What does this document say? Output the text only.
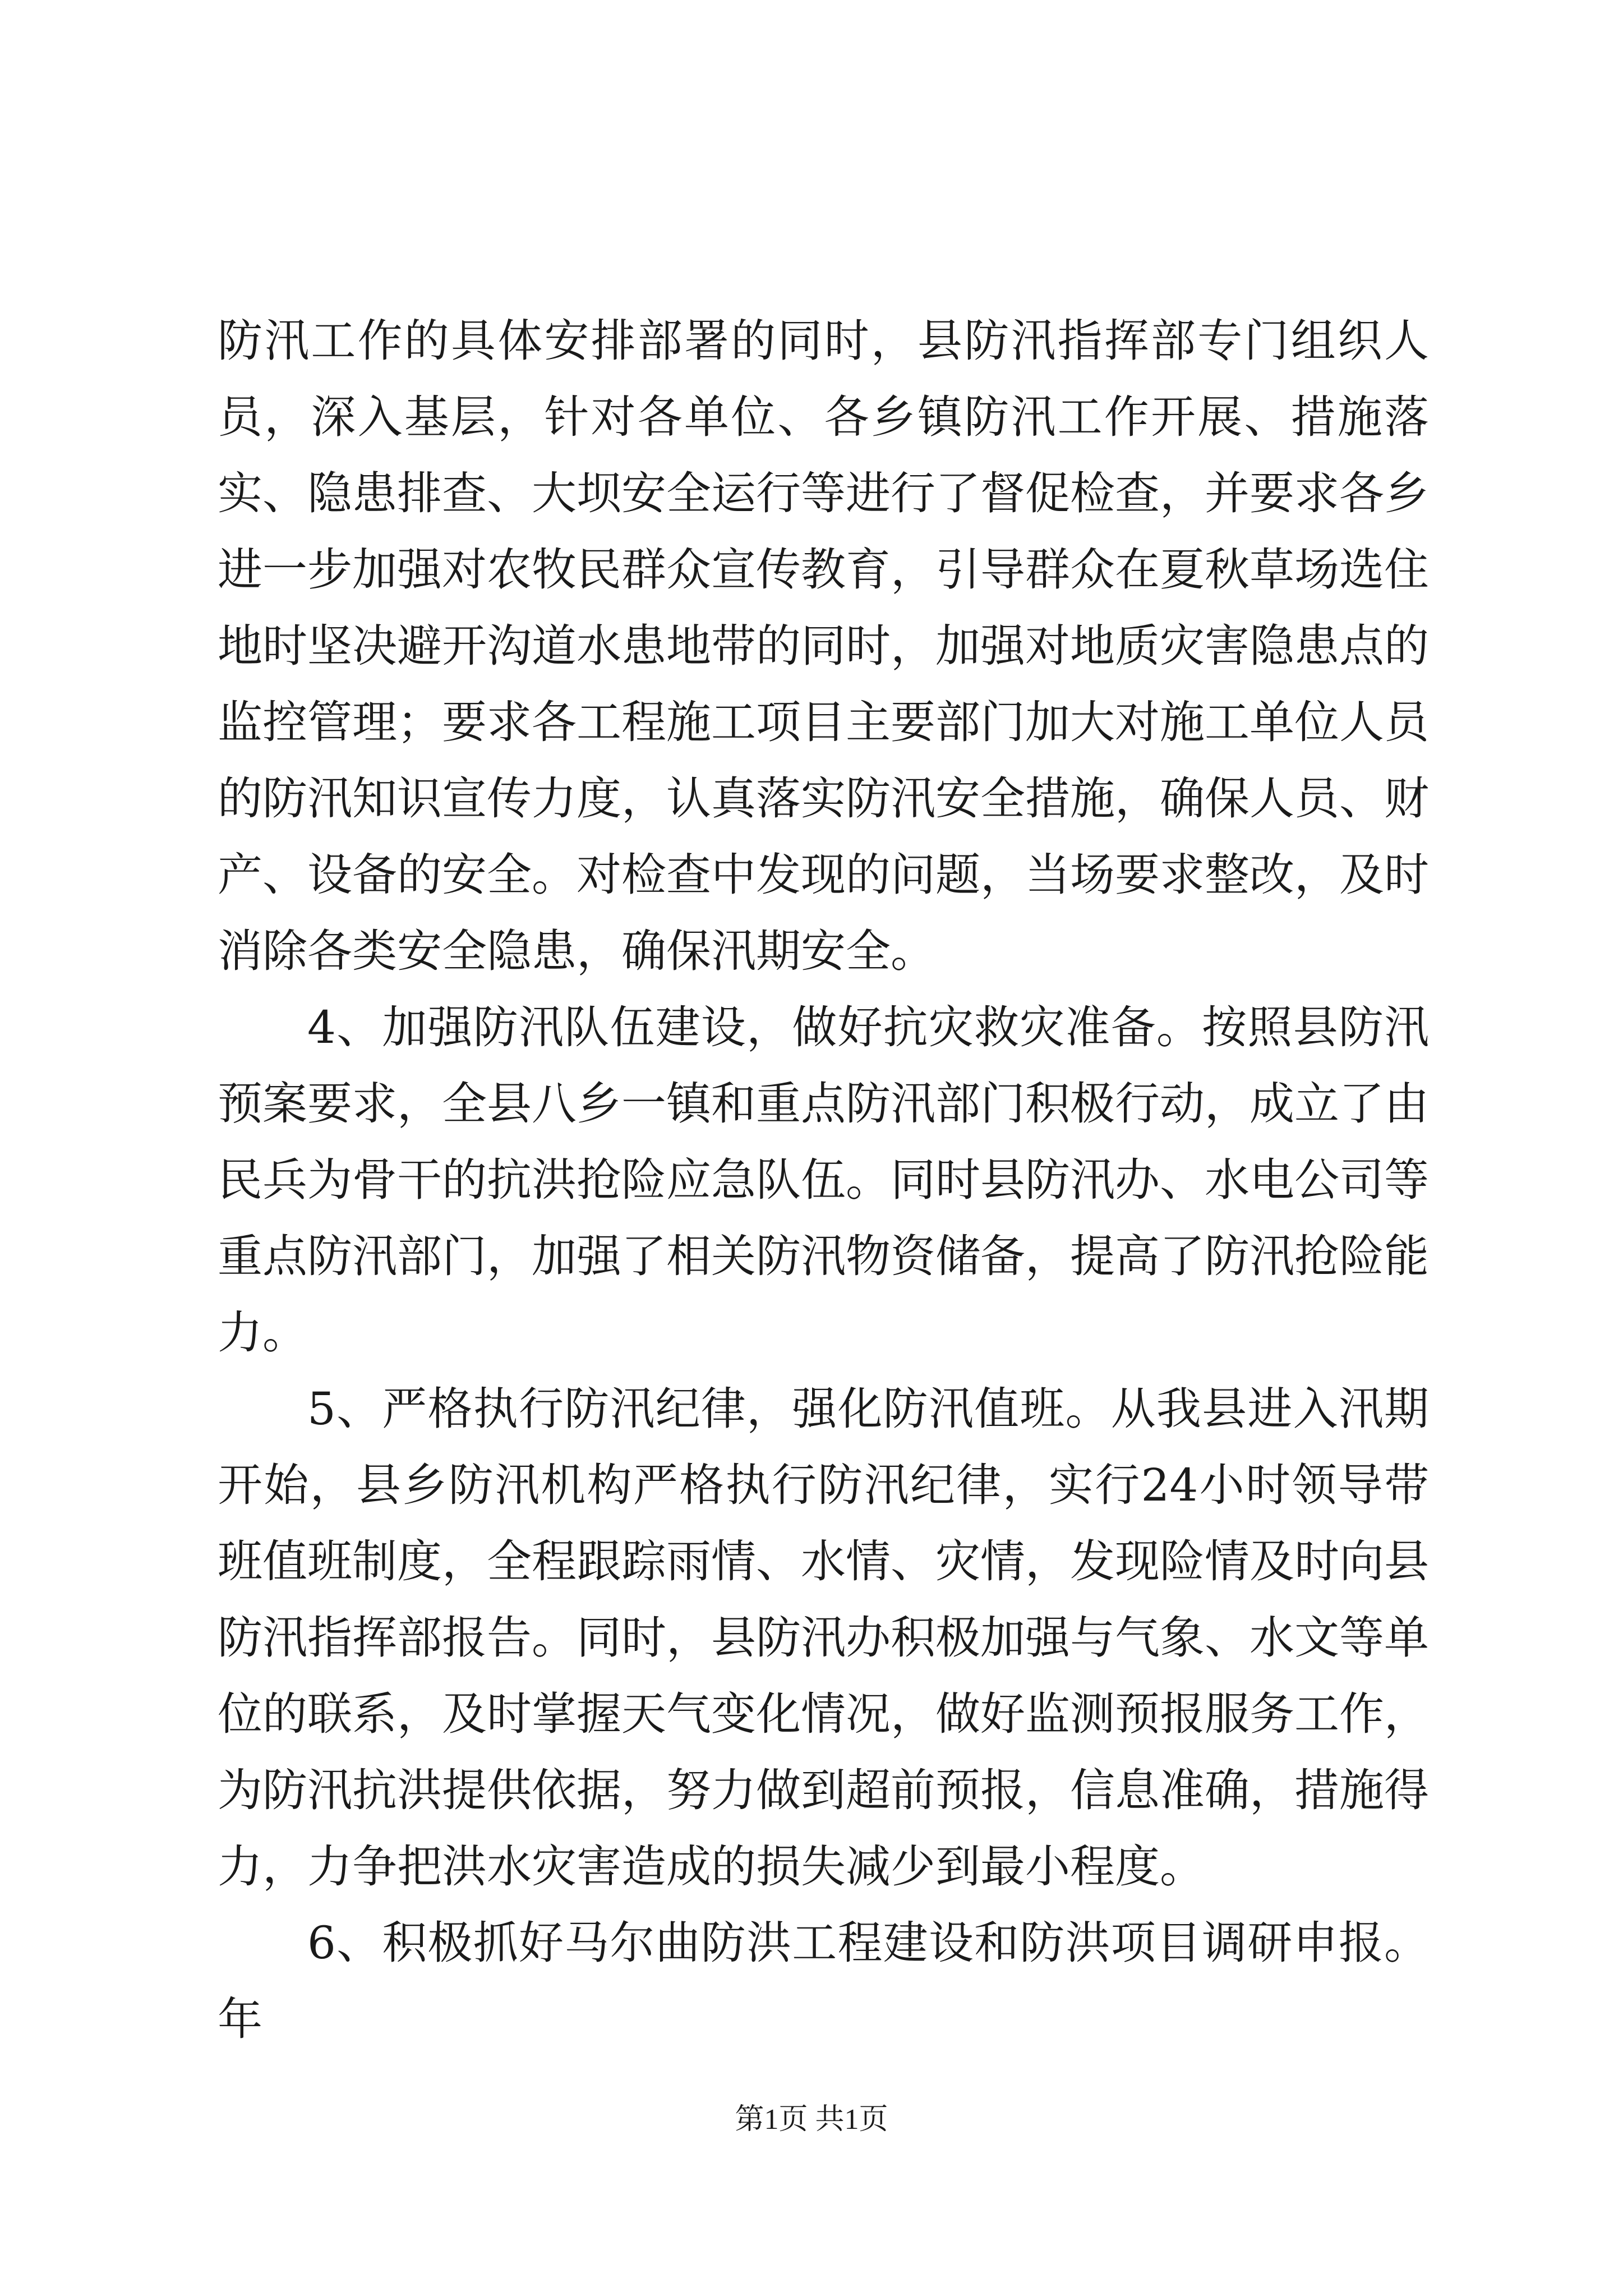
防汛工作的具体安排部署的同时，县防汛指挥部专门组织人员，深入基层，针对各单位、各乡镇防汛工作开展、措施落实、隐患排查、大坝安全运行等进行了督促检查，并要求各乡进一步加强对农牧民群众宣传教育，引导群众在夏秋草场选住地时坚决避开沟道水患地带的同时，加强对地质灾害隐患点的监控管理；要求各工程施工项目主要部门加大对施工单位人员的防汛知识宣传力度，认真落实防汛安全措施，确保人员、财产、设备的安全。对检查中发现的问题，当场要求整改，及时消除各类安全隐患，确保汛期安全。

4、加强防汛队伍建设，做好抗灾救灾准备。按照县防汛预案要求，全县八乡一镇和重点防汛部门积极行动，成立了由民兵为骨干的抗洪抢险应急队伍。同时县防汛办、水电公司等重点防汛部门，加强了相关防汛物资储备，提高了防汛抢险能力。

5、严格执行防汛纪律，强化防汛值班。从我县进入汛期开始，县乡防汛机构严格执行防汛纪律，实行24小时领导带班值班制度，全程跟踪雨情、水情、灾情，发现险情及时向县防汛指挥部报告。同时，县防汛办积极加强与气象、水文等单位的联系，及时掌握天气变化情况，做好监测预报服务工作，为防汛抗洪提供依据，努力做到超前预报，信息准确，措施得力，力争把洪水灾害造成的损失减少到最小程度。

6、积极抓好马尔曲防洪工程建设和防洪项目调研申报。年

第1页 共1页
